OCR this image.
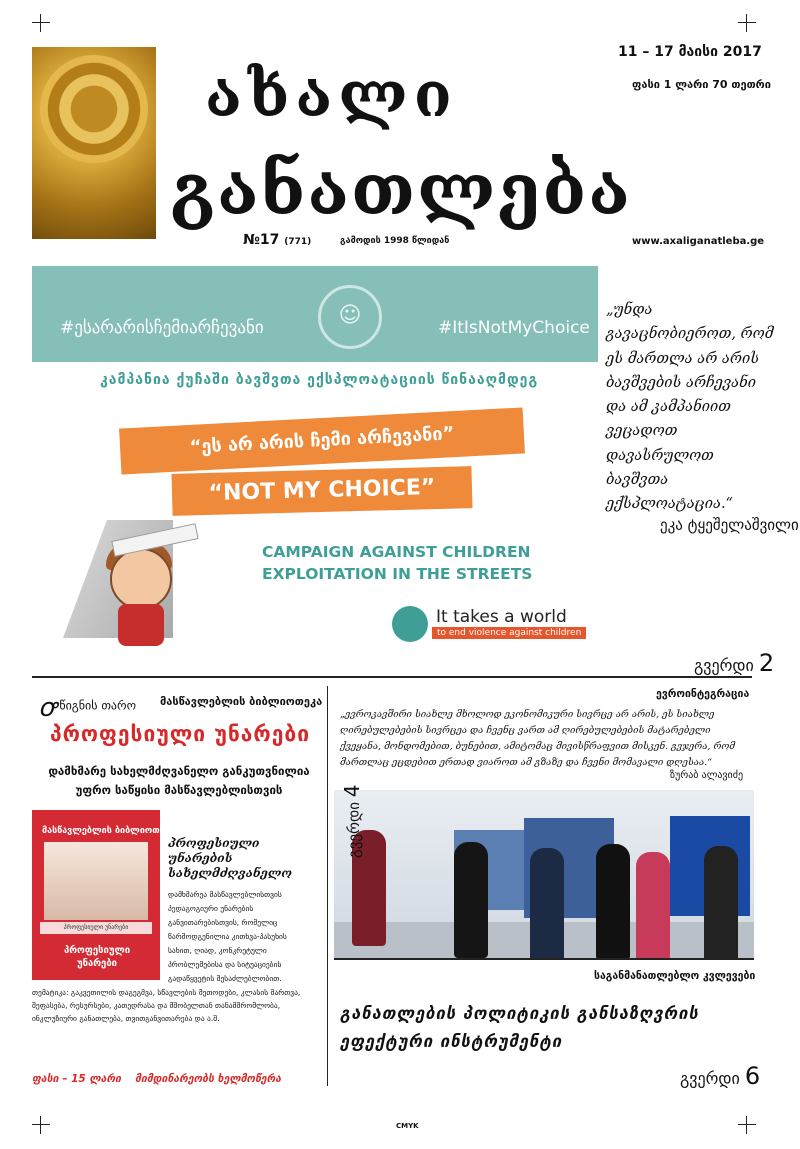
ახალი
განათლება
11 – 17 მაისი 2017
ფასი 1 ლარი 70 თეთრი
№17 (771)	გამოდის 1998 წლიდან	www.axaliganatleba.ge
☺
#ესარარისჩემიარჩევანი	#ItIsNotMyChoice
კამპანია ქუჩაში ბავშვთა ექსპლოატაციის წინააღმდეგ
“ეს არ არის ჩემი არჩევანი”
“NOT MY CHOICE”
CAMPAIGN AGAINST CHILDREN
EXPLOITATION IN THE STREETS
It takes a world
to end violence against children
„უნდა გავაცნობიეროთ, რომ ეს მართლა არ არის ბავშვების არჩევანი და ამ კამპანიით ვეცადოთ დავასრულოთ ბავშვთა ექსპლოატაცია.“
ეკა ტყეშელაშვილი
გვერდი 2
ꝍ წიგნის თარო მასწავლებლის ბიბლიოთეკა
პროფესიული უნარები
დამხმარე სახელმძღვანელო განკუთვნილია უფრო საწყისი მასწავლებლისთვის
მასწავლებლის ბიბლიოთეკა
პროფესიული უნარები
პროფესიული უნარები
პროფესიული უნარების სახელმძღვანელო
დამხმარეა მასწავლებლისთვის პედაგოგიური უნარების განვითარებისთვის, რომელიც წარმოდგენილია კითხვა-პასუხის სახით, ღიად, კონკრეტული პრობლემებისა და სიტუაციების გადაწყვეტის შესაძლებლობით.
თემატიკა: გაკვეთილის დაგეგმვა, სწავლების მეთოდები, კლასის მართვა, შეფასება, რესურსები, კათედრასა და მშობელთან თანამშრომლობა, ინკლუზიური განათლება, თვითგანვითარება და ა.შ.
ფასი – 15 ლარი მიმდინარეობს ხელმოწერა
ევროინტეგრაცია
„ევროკავშირი სიახლე მხოლოდ ეკონომიკური სივრცე არ არის, ეს სიახლე ღირებულებების სივრცეა და ჩვენც ვართ ამ ღირებულებების მატარებელი ქვეყანა, მონდომებით, ბუნებით, ამიტომაც მივისწრაფვით მისკენ. გვჯერა, რომ მართლაც ეცდებით ერთად ვიაროთ ამ გზაზე და ჩვენი მომავალი დღესაა.“
ზურაბ ალავიძე
გვერდი 4
საგანმანათლებლო კვლევები
განათლების პოლიტიკის განსაზღვრის ეფექტური ინსტრუმენტი
გვერდი 6
CMYK
